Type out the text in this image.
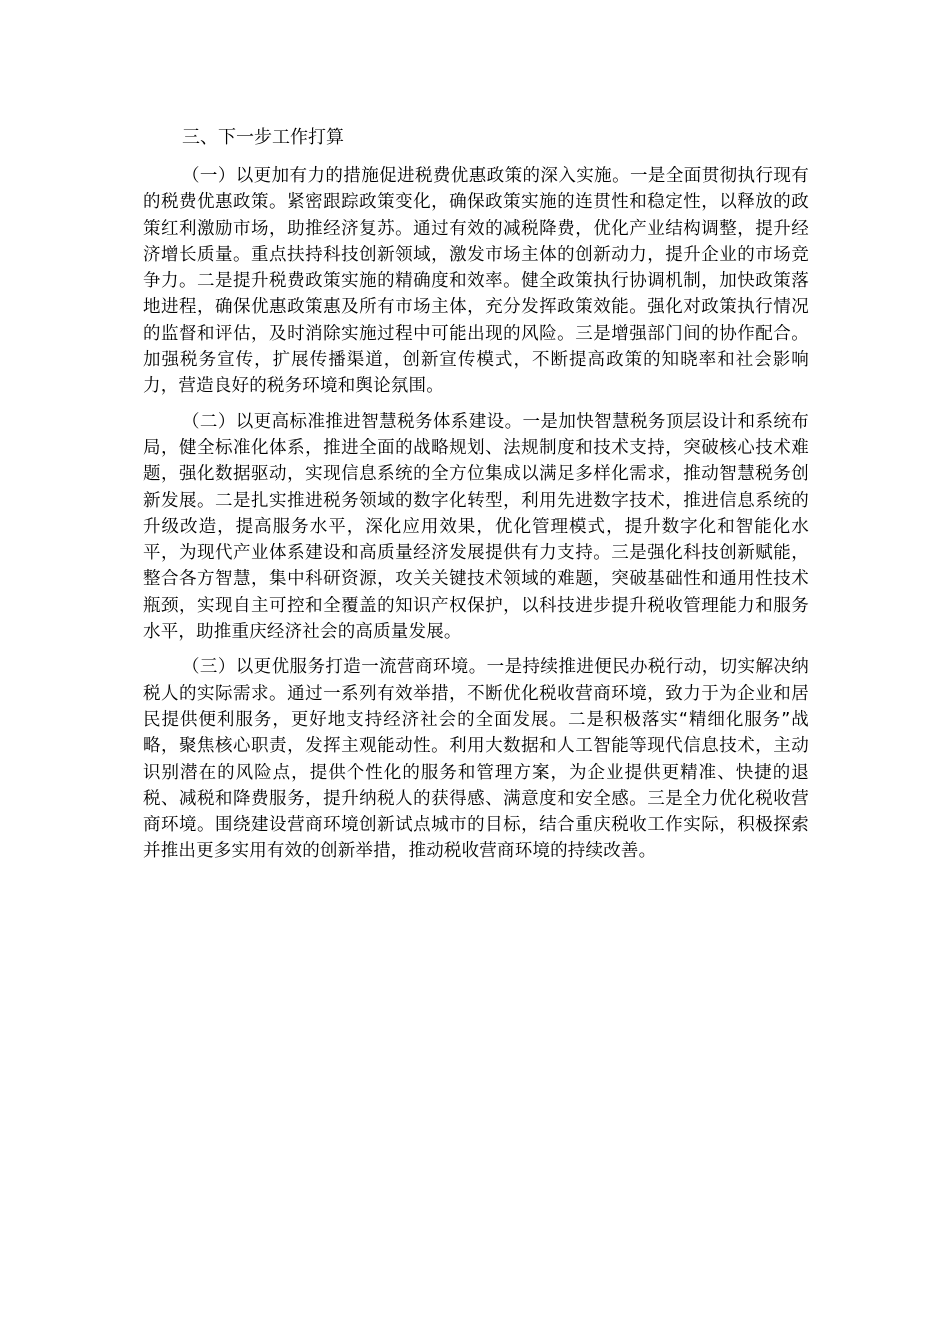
三、下一步工作打算

（一）以更加有力的措施促进税费优惠政策的深入实施。一是全面贯彻执行现有的税费优惠政策。紧密跟踪政策变化，确保政策实施的连贯性和稳定性，以释放的政策红利激励市场，助推经济复苏。通过有效的减税降费，优化产业结构调整，提升经济增长质量。重点扶持科技创新领域，激发市场主体的创新动力，提升企业的市场竞争力。二是提升税费政策实施的精确度和效率。健全政策执行协调机制，加快政策落地进程，确保优惠政策惠及所有市场主体，充分发挥政策效能。强化对政策执行情况的监督和评估，及时消除实施过程中可能出现的风险。三是增强部门间的协作配合。加强税务宣传，扩展传播渠道，创新宣传模式，不断提高政策的知晓率和社会影响力，营造良好的税务环境和舆论氛围。

（二）以更高标准推进智慧税务体系建设。一是加快智慧税务顶层设计和系统布局，健全标准化体系，推进全面的战略规划、法规制度和技术支持，突破核心技术难题，强化数据驱动，实现信息系统的全方位集成以满足多样化需求，推动智慧税务创新发展。二是扎实推进税务领域的数字化转型，利用先进数字技术，推进信息系统的升级改造，提高服务水平，深化应用效果，优化管理模式，提升数字化和智能化水平，为现代产业体系建设和高质量经济发展提供有力支持。三是强化科技创新赋能，整合各方智慧，集中科研资源，攻关关键技术领域的难题，突破基础性和通用性技术瓶颈，实现自主可控和全覆盖的知识产权保护，以科技进步提升税收管理能力和服务水平，助推重庆经济社会的高质量发展。

（三）以更优服务打造一流营商环境。一是持续推进便民办税行动，切实解决纳税人的实际需求。通过一系列有效举措，不断优化税收营商环境，致力于为企业和居民提供便利服务，更好地支持经济社会的全面发展。二是积极落实“精细化服务”战略，聚焦核心职责，发挥主观能动性。利用大数据和人工智能等现代信息技术，主动识别潜在的风险点，提供个性化的服务和管理方案，为企业提供更精准、快捷的退税、减税和降费服务，提升纳税人的获得感、满意度和安全感。三是全力优化税收营商环境。围绕建设营商环境创新试点城市的目标，结合重庆税收工作实际，积极探索并推出更多实用有效的创新举措，推动税收营商环境的持续改善。
